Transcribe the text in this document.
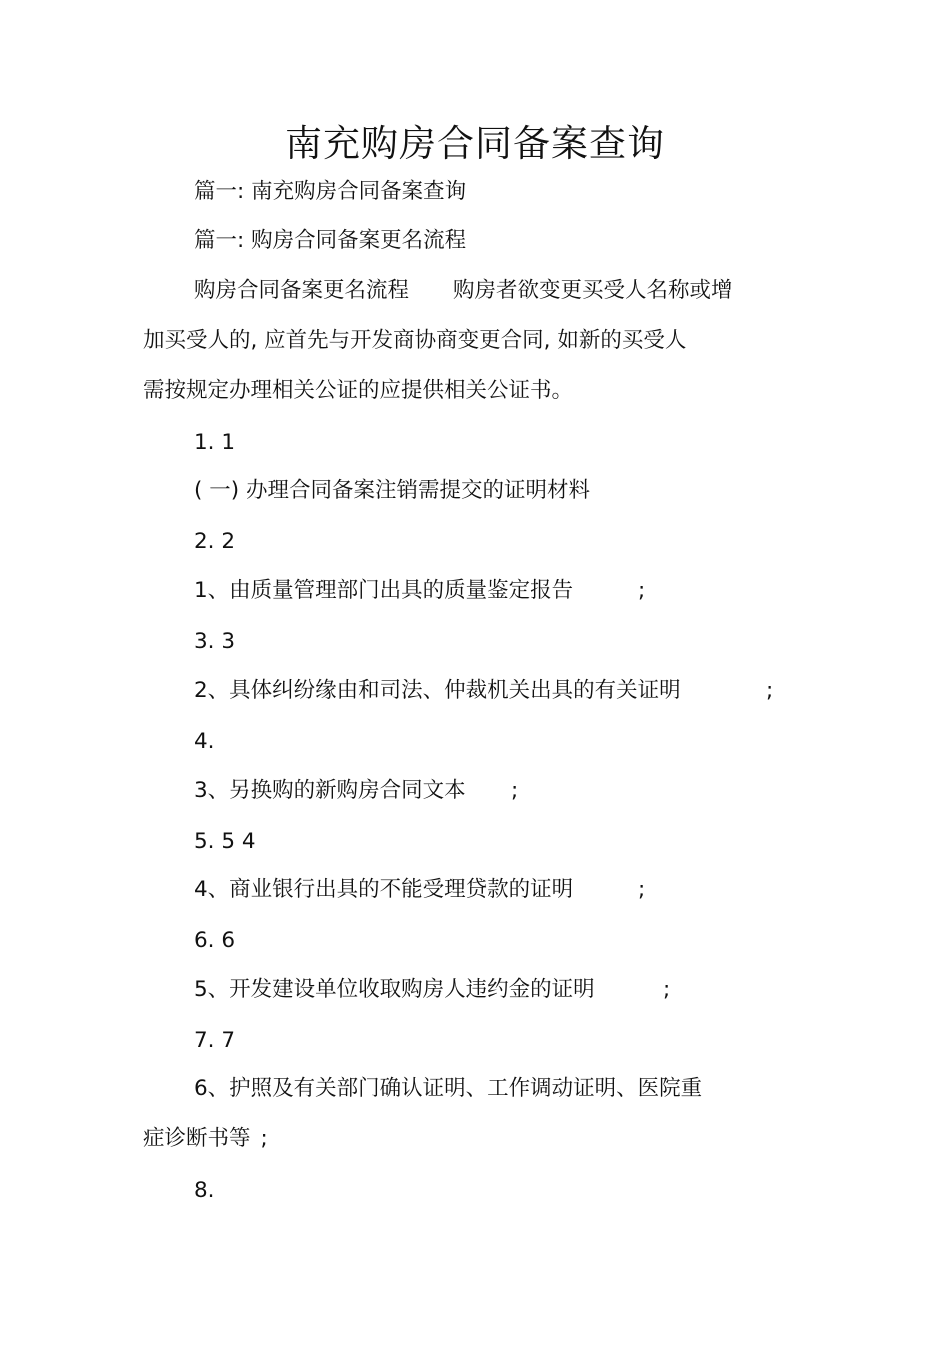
南充购房合同备案查询
篇一: 南充购房合同备案查询
篇一: 购房合同备案更名流程
购房合同备案更名流程 购房者欲变更买受人名称或增
加买受人的, 应首先与开发商协商变更合同, 如新的买受人
需按规定办理相关公证的应提供相关公证书。
1. 1
( 一) 办理合同备案注销需提交的证明材料
2. 2
1、由质量管理部门出具的质量鉴定报告	;
3. 3
2、具体纠纷缘由和司法、仲裁机关出具的有关证明	;
4.
3、另换购的新购房合同文本 ;
5. 5 4
4、商业银行出具的不能受理贷款的证明	;
6. 6
5、开发建设单位收取购房人违约金的证明	;
7. 7
6、护照及有关部门确认证明、工作调动证明、医院重
症诊断书等 ;
8.
